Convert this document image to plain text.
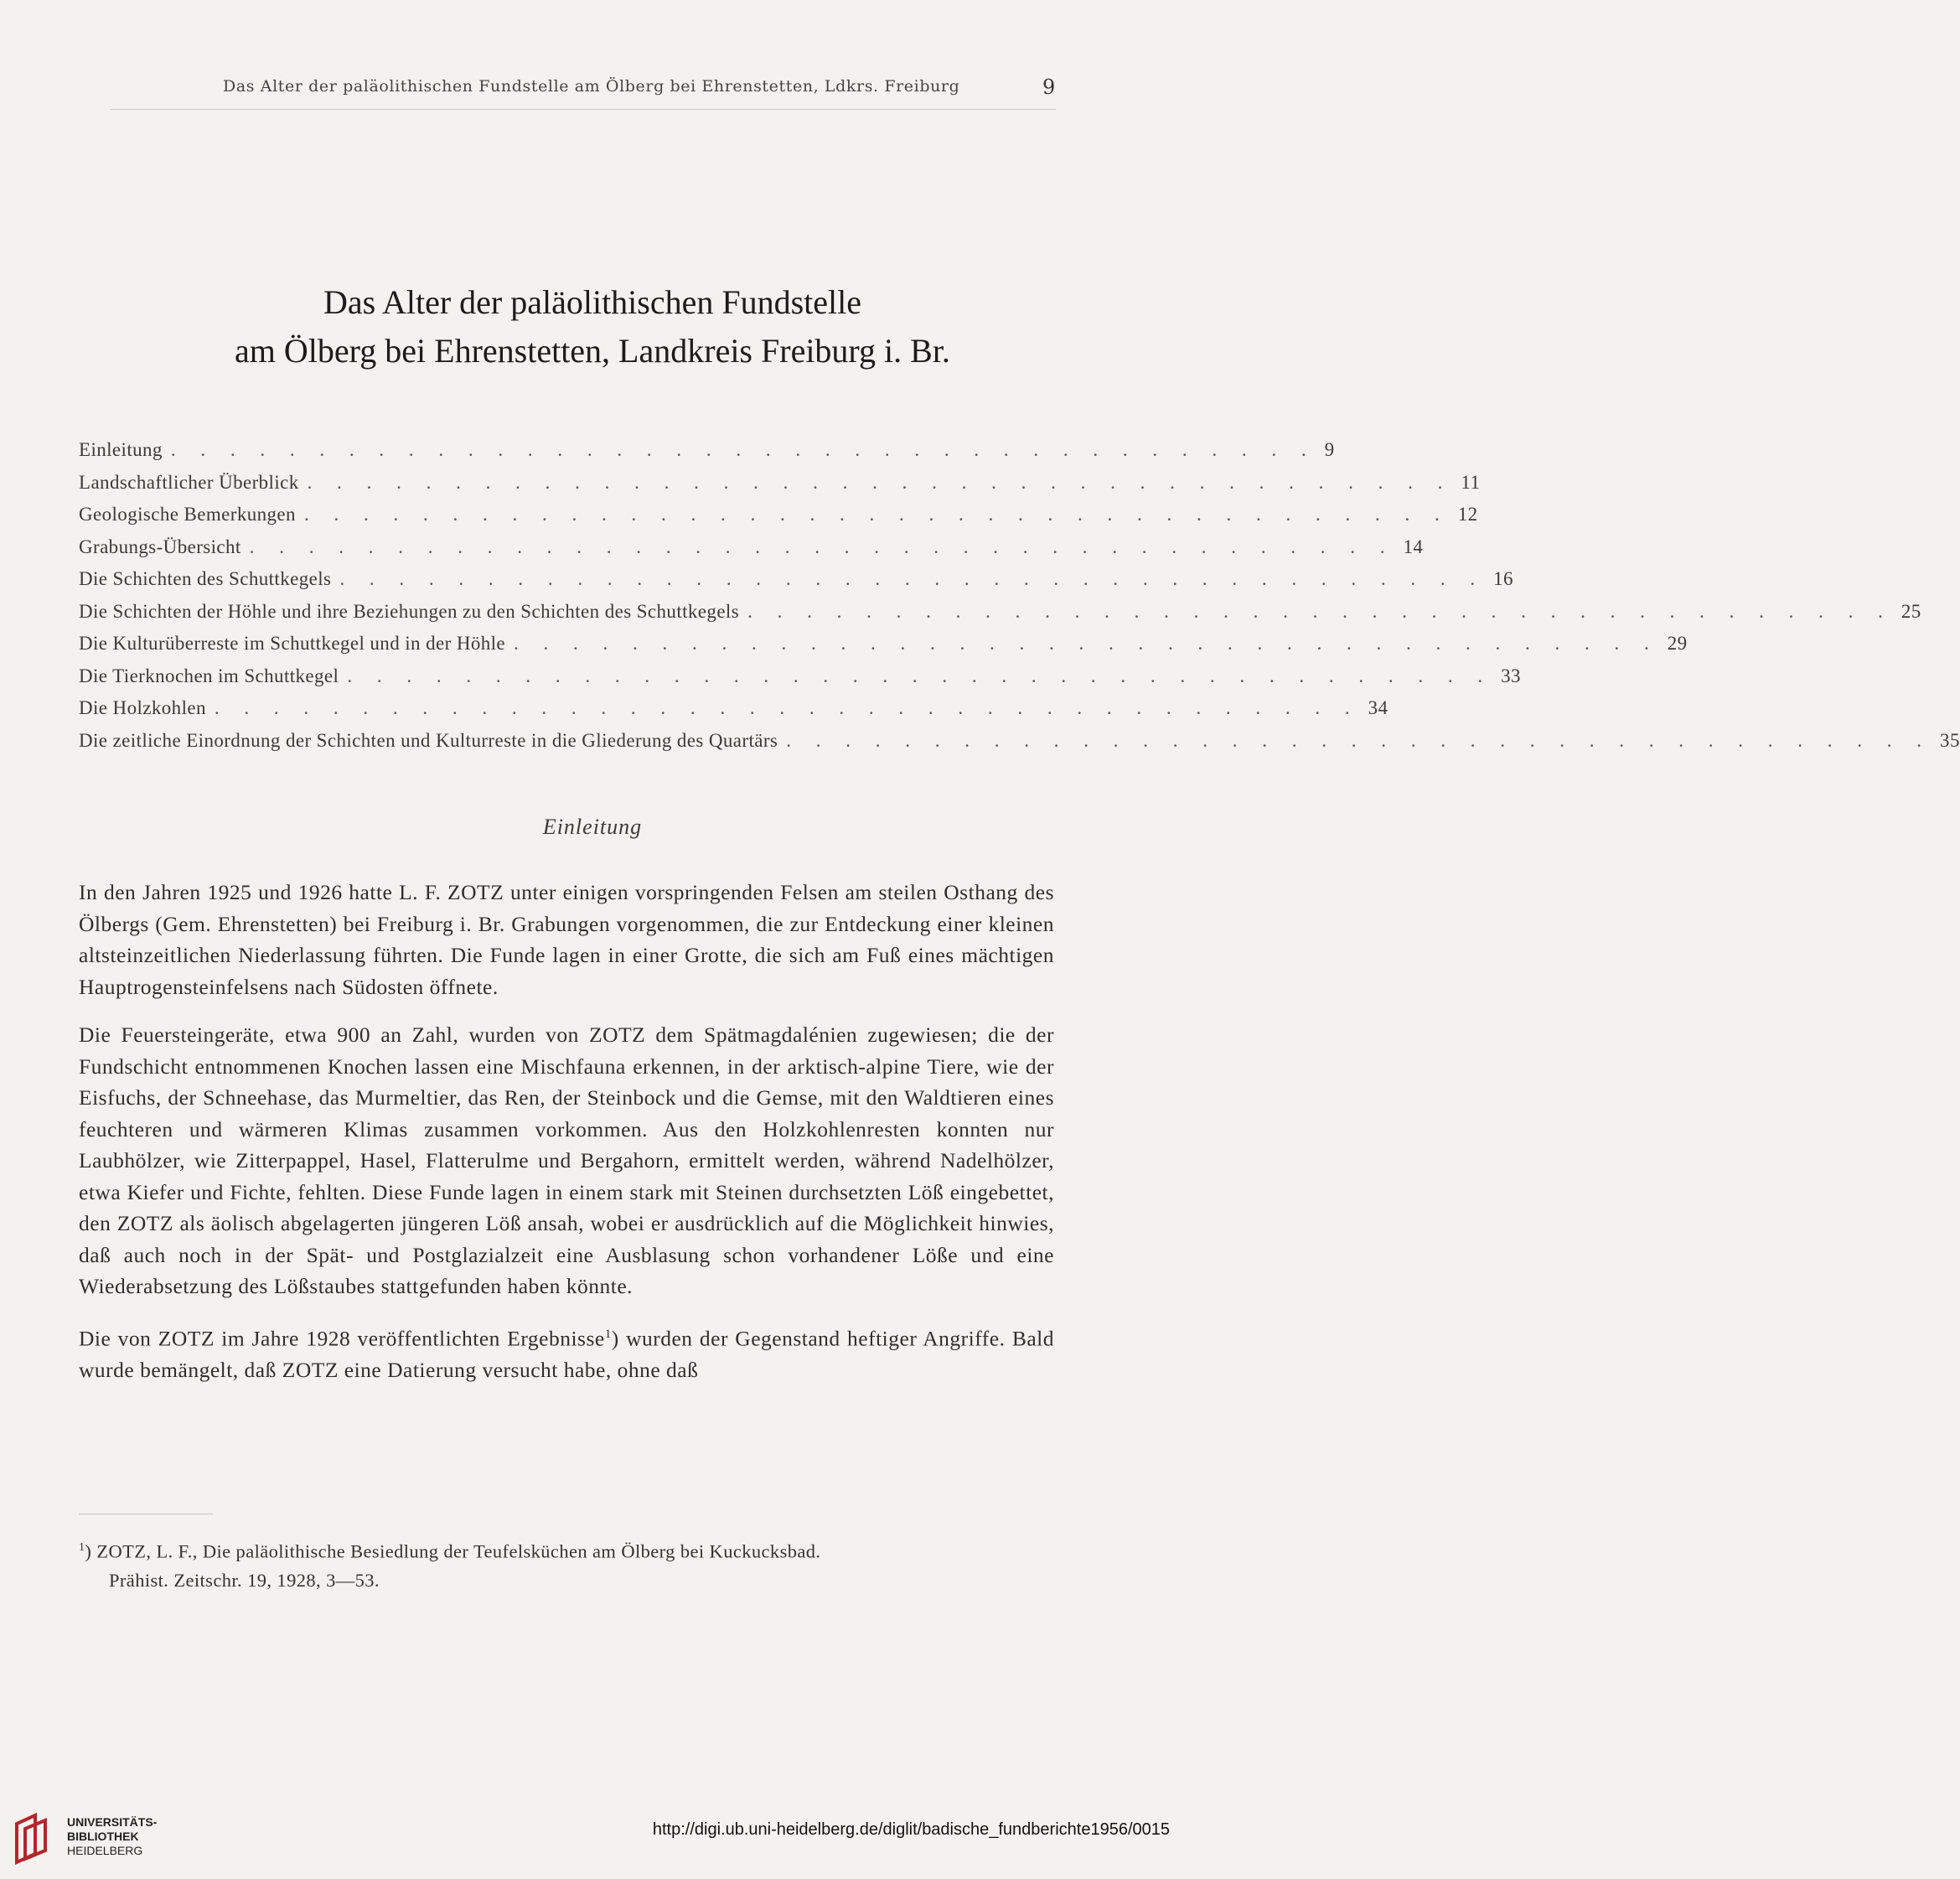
Das Alter der paläolithischen Fundstelle am Ölberg bei Ehrenstetten, Ldkrs. Freiburg	9
Das Alter der paläolithischen Fundstelle
am Ölberg bei Ehrenstetten, Landkreis Freiburg i. Br.
Einleitung . . . . . . . . . . . . . . . . . . . . . . . . . . . . . . . . . . . . . . . 9
Landschaftlicher Überblick . . . . . . . . . . . . . . . . . . . . . . . . . . . . . . . . . . . . . . . 11
Geologische Bemerkungen . . . . . . . . . . . . . . . . . . . . . . . . . . . . . . . . . . . . . . . 12
Grabungs-Übersicht . . . . . . . . . . . . . . . . . . . . . . . . . . . . . . . . . . . . . . . 14
Die Schichten des Schuttkegels . . . . . . . . . . . . . . . . . . . . . . . . . . . . . . . . . . . . . . . 16
Die Schichten der Höhle und ihre Beziehungen zu den Schichten des Schuttkegels . . . . . . . . . . . . . . . . . . . . . . . . . . . . . . . . . . . . . . . 25
Die Kulturüberreste im Schuttkegel und in der Höhle . . . . . . . . . . . . . . . . . . . . . . . . . . . . . . . . . . . . . . . 29
Die Tierknochen im Schuttkegel . . . . . . . . . . . . . . . . . . . . . . . . . . . . . . . . . . . . . . . 33
Die Holzkohlen . . . . . . . . . . . . . . . . . . . . . . . . . . . . . . . . . . . . . . . 34
Die zeitliche Einordnung der Schichten und Kulturreste in die Gliederung des Quartärs . . . . . . . . . . . . . . . . . . . . . . . . . . . . . . . . . . . . . . . 35
Einleitung

In den Jahren 1925 und 1926 hatte L. F. ZOTZ unter einigen vorspringenden Felsen am steilen Osthang des Ölbergs (Gem. Ehrenstetten) bei Freiburg i. Br. Grabungen vorgenommen, die zur Entdeckung einer kleinen altsteinzeitlichen Niederlassung führten. Die Funde lagen in einer Grotte, die sich am Fuß eines mächtigen Hauptrogensteinfelsens nach Südosten öffnete.

Die Feuersteingeräte, etwa 900 an Zahl, wurden von ZOTZ dem Spätmagdalénien zugewiesen; die der Fundschicht entnommenen Knochen lassen eine Mischfauna erkennen, in der arktisch-alpine Tiere, wie der Eisfuchs, der Schneehase, das Murmeltier, das Ren, der Steinbock und die Gemse, mit den Waldtieren eines feuchteren und wärmeren Klimas zusammen vorkommen. Aus den Holzkohlenresten konnten nur Laubhölzer, wie Zitterpappel, Hasel, Flatterulme und Bergahorn, ermittelt werden, während Nadelhölzer, etwa Kiefer und Fichte, fehlten. Diese Funde lagen in einem stark mit Steinen durchsetzten Löß eingebettet, den ZOTZ als äolisch abgelagerten jüngeren Löß ansah, wobei er ausdrücklich auf die Möglichkeit hinwies, daß auch noch in der Spät- und Postglazialzeit eine Ausblasung schon vorhandener Löße und eine Wiederabsetzung des Lößstaubes stattgefunden haben könnte.

Die von ZOTZ im Jahre 1928 veröffentlichten Ergebnisse$^1$) wurden der Gegenstand heftiger Angriffe. Bald wurde bemängelt, daß ZOTZ eine Datierung versucht habe, ohne daß

$^1$) ZOTZ, L. F., Die paläolithische Besiedlung der Teufelsküchen am Ölberg bei Kuckucksbad.
Prähist. Zeitschr. 19, 1928, 3—53.
UNIVERSITÄTS-
BIBLIOTHEK
HEIDELBERG
http://digi.ub.uni-heidelberg.de/diglit/badische_fundberichte1956/0015
